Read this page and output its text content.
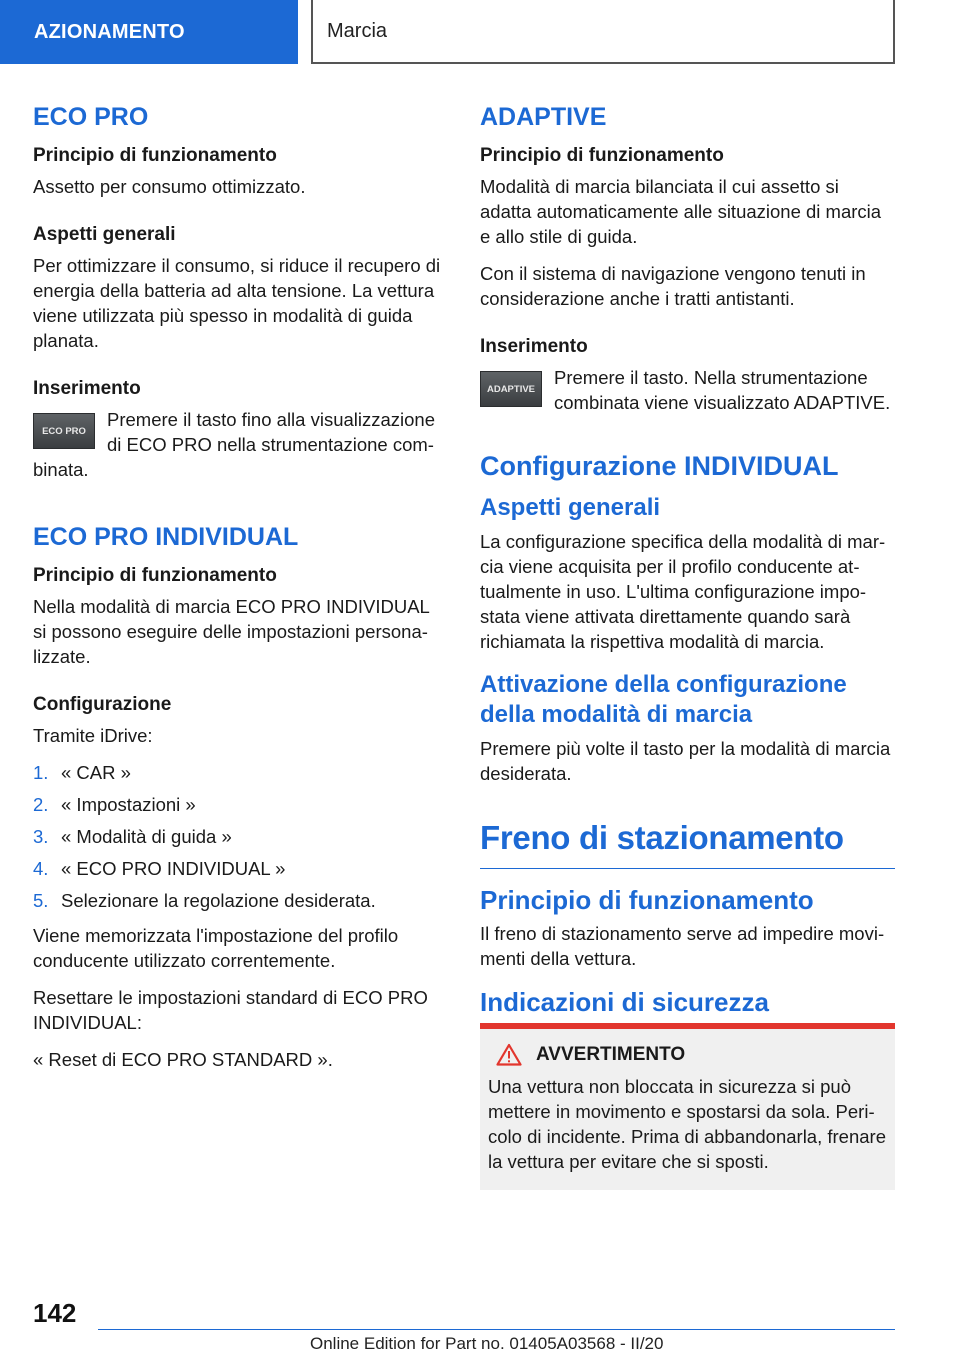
AZIONAMENTO	Marcia
ECO PRO
Principio di funzionamento

Assetto per consumo ottimizzato.

Aspetti generali

Per ottimizzare il consumo, si riduce il recupero di energia della batteria ad alta tensione. La vettura viene utilizzata più spesso in modalità di guida planata.

Inserimento
ECO PRO

Premere il tasto fino alla visualizzazione di ECO PRO nella strumentazione combinata.

ECO PRO INDIVIDUAL
Principio di funzionamento

Nella modalità di marcia ECO PRO INDIVIDUAL si possono eseguire delle impostazioni personalizzate.

Configurazione

Tramite iDrive:

1. « CAR »
2. « Impostazioni »
3. « Modalità di guida »
4. « ECO PRO INDIVIDUAL »
5. Selezionare la regolazione desiderata.

Viene memorizzata l'impostazione del profilo conducente utilizzato correntemente.

Resettare le impostazioni standard di ECO PRO INDIVIDUAL:

« Reset di ECO PRO STANDARD ».

ADAPTIVE
Principio di funzionamento

Modalità di marcia bilanciata il cui assetto si adatta automaticamente alle situazione di marcia e allo stile di guida.

Con il sistema di navigazione vengono tenuti in considerazione anche i tratti antistanti.

Inserimento
ADAPTIVE

Premere il tasto. Nella strumentazione combinata viene visualizzato ADAPTIVE.

Configurazione INDIVIDUAL
Aspetti generali

La configurazione specifica della modalità di marcia viene acquisita per il profilo conducente attualmente in uso. L'ultima configurazione impostata viene attivata direttamente quando sarà richiamata la rispettiva modalità di marcia.

Attivazione della configurazione della modalità di marcia

Premere più volte il tasto per la modalità di marcia desiderata.

Freno di stazionamento
Principio di funzionamento

Il freno di stazionamento serve ad impedire movimenti della vettura.

Indicazioni di sicurezza
AVVERTIMENTO

Una vettura non bloccata in sicurezza si può mettere in movimento e spostarsi da sola. Pericolo di incidente. Prima di abbandonarla, frenare la vettura per evitare che si sposti.

142
Online Edition for Part no. 01405A03568 - II/20
